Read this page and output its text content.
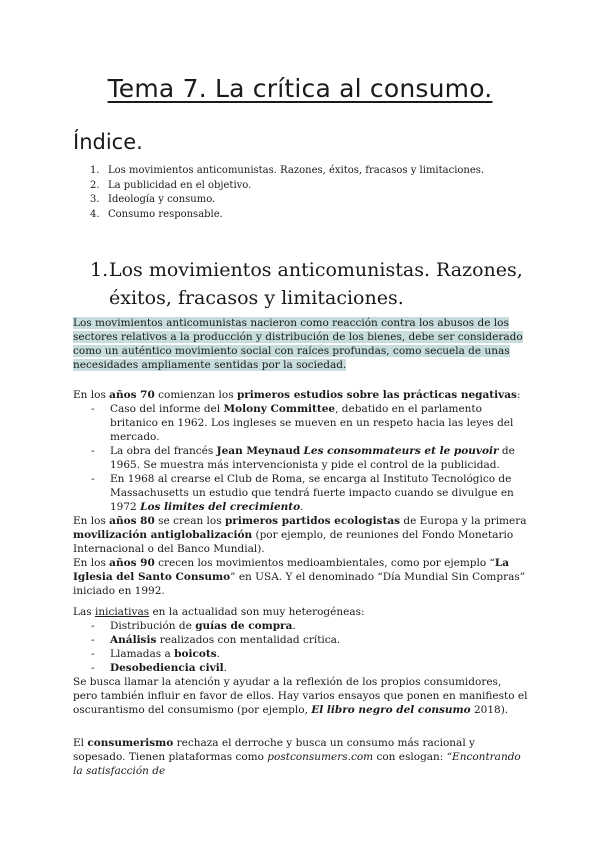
Tema 7. La crítica al consumo.
Índice.
1. Los movimientos anticomunistas. Razones, éxitos, fracasos y limitaciones.
2. La publicidad en el objetivo.
3. Ideología y consumo.
4. Consumo responsable.
1. Los movimientos anticomunistas. Razones, éxitos, fracasos y limitaciones.
Los movimientos anticomunistas nacieron como reacción contra los abusos de los sectores relativos a la producción y distribución de los bienes, debe ser considerado como un auténtico movimiento social con raíces profundas, como secuela de unas necesidades ampliamente sentidas por la sociedad.
En los años 70 comienzan los primeros estudios sobre las prácticas negativas:
- Caso del informe del Molony Committee, debatido en el parlamento britanico en 1962. Los ingleses se mueven en un respeto hacia las leyes del mercado.
- La obra del francés Jean Meynaud Les consommateurs et le pouvoir de 1965. Se muestra más intervencionista y pide el control de la publicidad.
- En 1968 al crearse el Club de Roma, se encarga al Instituto Tecnológico de Massachusetts un estudio que tendrá fuerte impacto cuando se divulgue en 1972 Los limites del crecimiento.
En los años 80 se crean los primeros partidos ecologistas de Europa y la primera movilización antiglobalización (por ejemplo, de reuniones del Fondo Monetario Internacional o del Banco Mundial).
En los años 90 crecen los movimientos medioambientales, como por ejemplo “La Iglesia del Santo Consumo” en USA. Y el denominado “Día Mundial Sin Compras” iniciado en 1992.
Las iniciativas en la actualidad son muy heterogéneas:
- Distribución de guías de compra.
- Análisis realizados con mentalidad crítica.
- Llamadas a boicots.
- Desobediencia civil.
Se busca llamar la atención y ayudar a la reflexión de los propios consumidores, pero también influir en favor de ellos. Hay varios ensayos que ponen en manifiesto el oscurantismo del consumismo (por ejemplo, El libro negro del consumo 2018).
El consumerismo rechaza el derroche y busca un consumo más racional y sopesado. Tienen plataformas como postconsumers.com con eslogan: “Encontrando la satisfacción de
